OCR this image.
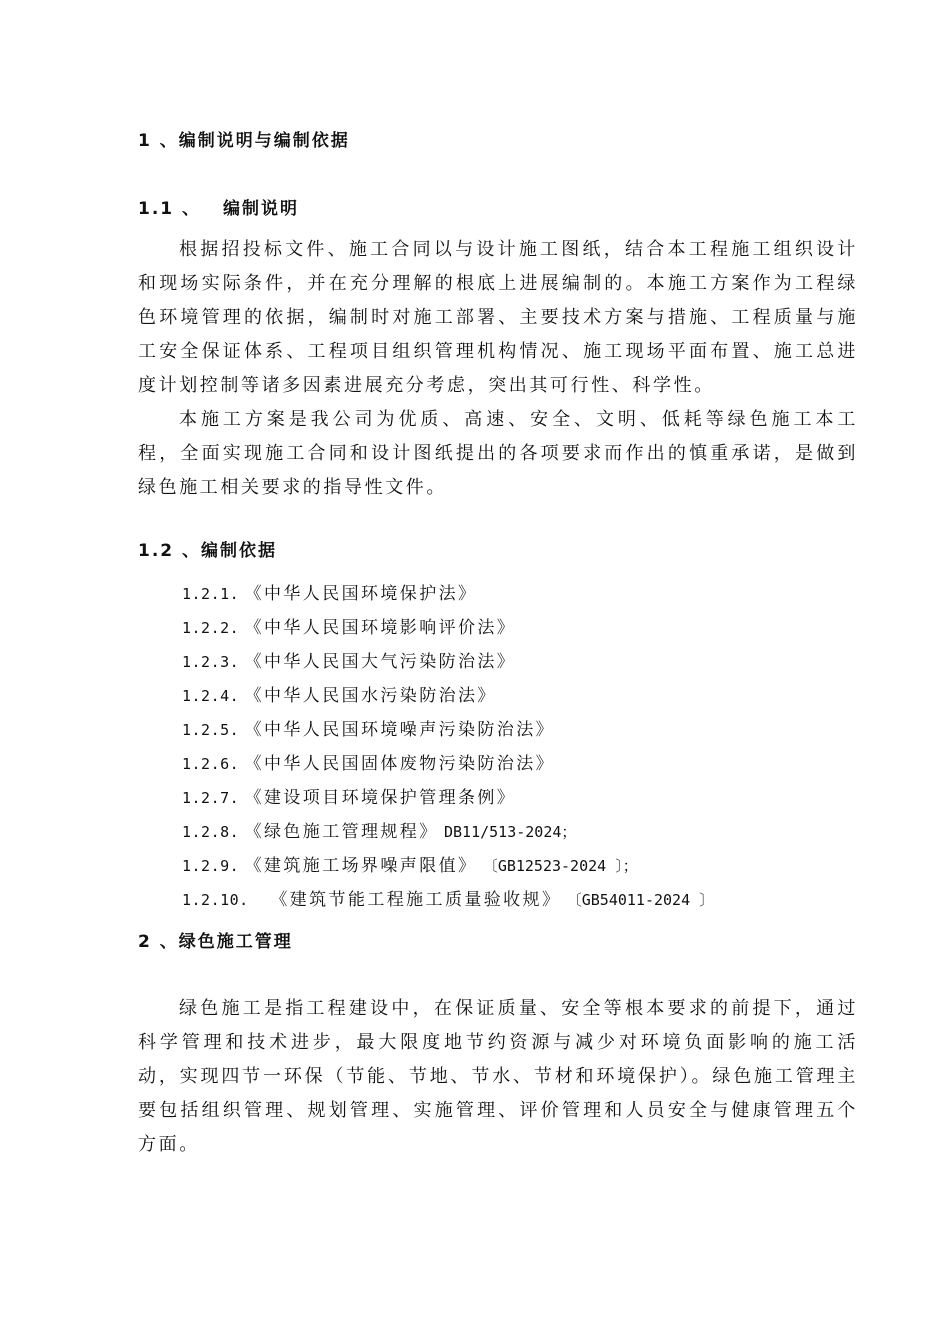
1 、编制说明与编制依据
1.1 、 编制说明

根据招投标文件、施工合同以与设计施工图纸，结合本工程施工组织设计和现场实际条件，并在充分理解的根底上进展编制的。本施工方案作为工程绿色环境管理的依据，编制时对施工部署、主要技术方案与措施、工程质量与施工安全保证体系、工程项目组织管理机构情况、施工现场平面布置、施工总进度计划控制等诸多因素进展充分考虑，突出其可行性、科学性。

本施工方案是我公司为优质、高速、安全、文明、低耗等绿色施工本工程，全面实现施工合同和设计图纸提出的各项要求而作出的慎重承诺，是做到绿色施工相关要求的指导性文件。

1.2 、编制依据
1.2.1. 《中华人民国环境保护法》
1.2.2. 《中华人民国环境影响评价法》
1.2.3. 《中华人民国大气污染防治法》
1.2.4. 《中华人民国水污染防治法》
1.2.5. 《中华人民国环境噪声污染防治法》
1.2.6. 《中华人民国固体废物污染防治法》
1.2.7. 《建设项目环境保护管理条例》
1.2.8. 《绿色施工管理规程》 DB11/513-2024；
1.2.9. 《建筑施工场界噪声限值》 〔GB12523-2024 〕；
1.2.10. 《建筑节能工程施工质量验收规》 〔GB54011-2024 〕
2 、绿色施工管理

绿色施工是指工程建设中，在保证质量、安全等根本要求的前提下，通过科学管理和技术进步，最大限度地节约资源与减少对环境负面影响的施工活动，实现四节一环保（节能、节地、节水、节材和环境保护）。绿色施工管理主要包括组织管理、规划管理、实施管理、评价管理和人员安全与健康管理五个方面。
